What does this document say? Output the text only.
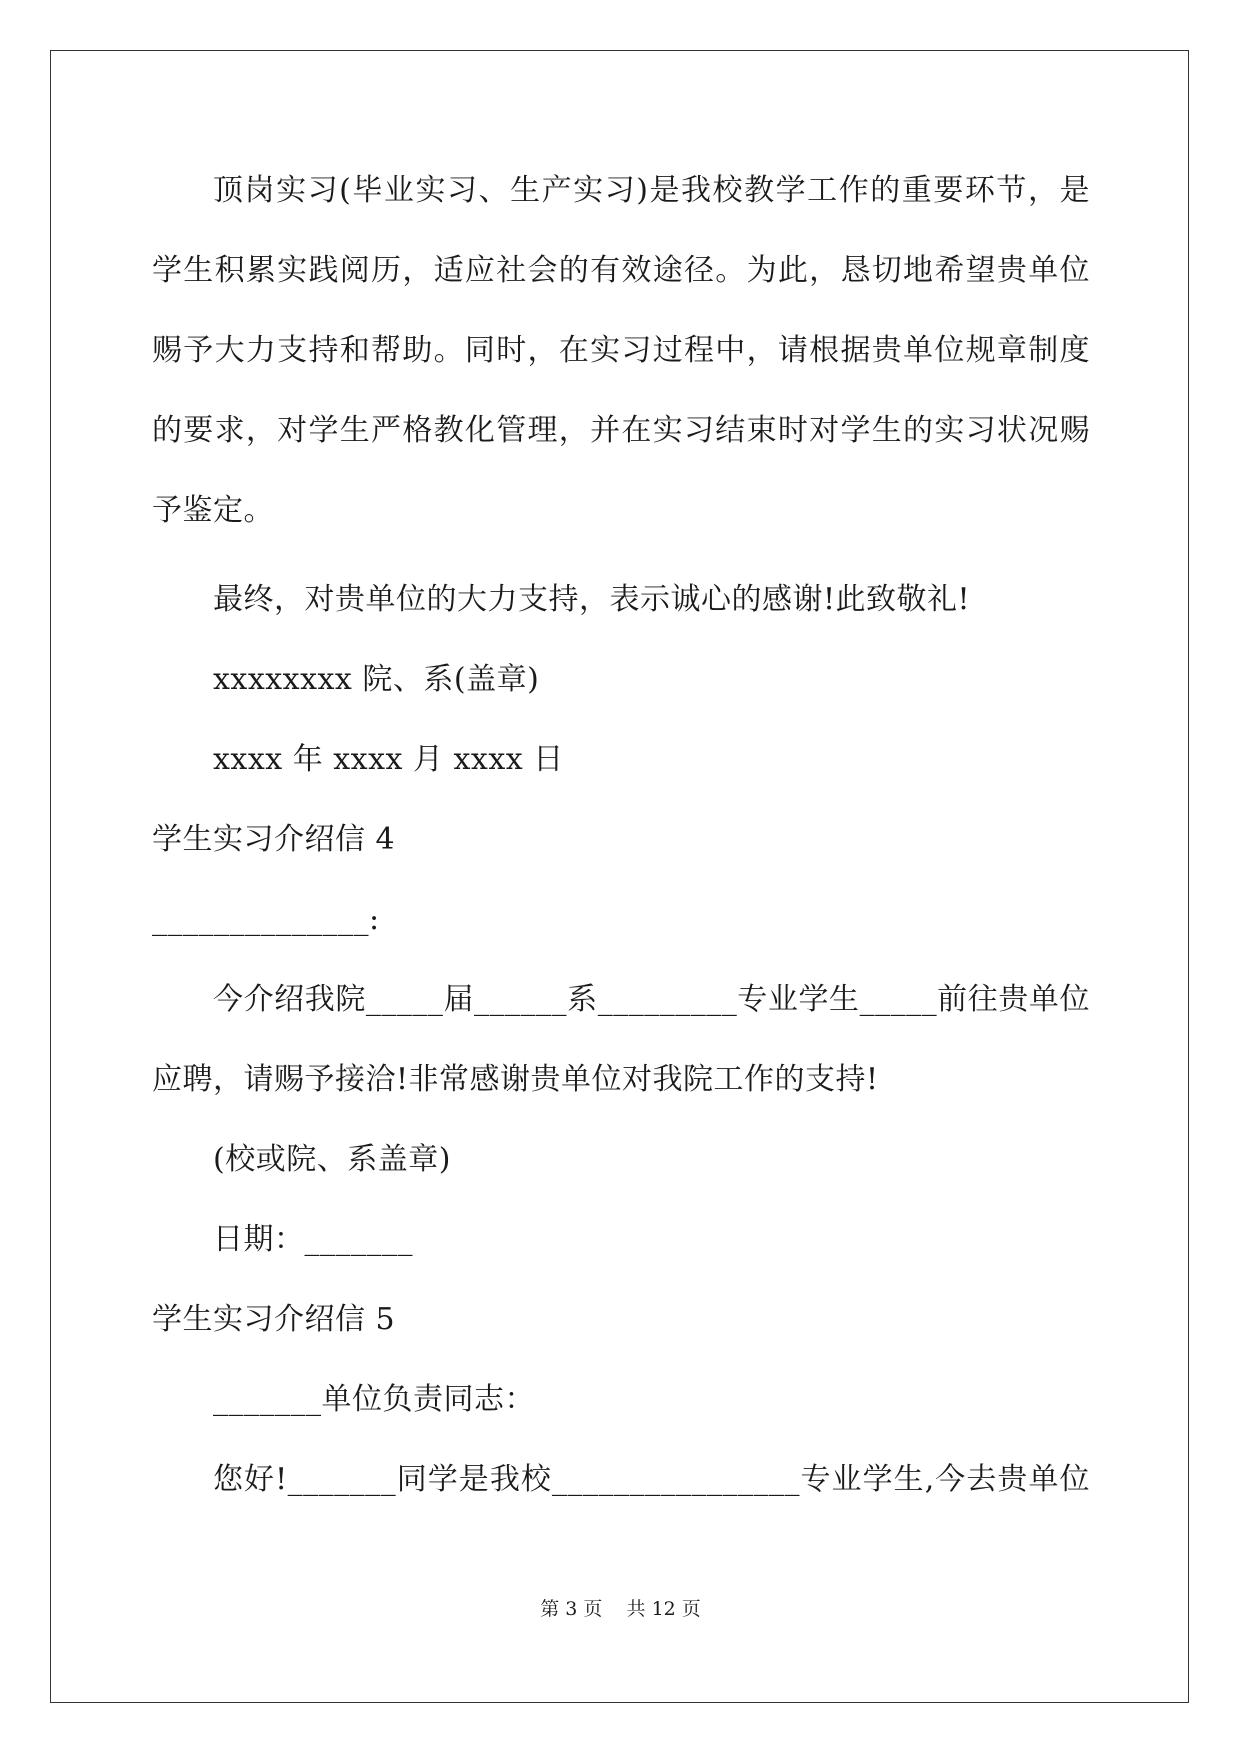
顶岗实习(毕业实习、生产实习)是我校教学工作的重要环节，是
学生积累实践阅历，适应社会的有效途径。为此，恳切地希望贵单位
赐予大力支持和帮助。同时，在实习过程中，请根据贵单位规章制度
的要求，对学生严格教化管理，并在实习结束时对学生的实习状况赐
予鉴定。
最终，对贵单位的大力支持，表示诚心的感谢!此致敬礼!
xxxxxxxx 院、系(盖章)
xxxx 年 xxxx 月 xxxx 日
学生实习介绍信 4
______________:
今介绍我院_____届______系_________专业学生_____前往贵单位
应聘，请赐予接洽!非常感谢贵单位对我院工作的支持!
(校或院、系盖章)
日期：_______
学生实习介绍信 5
_______单位负责同志：
您好!_______同学是我校________________专业学生,今去贵单位
第 3 页    共 12 页
